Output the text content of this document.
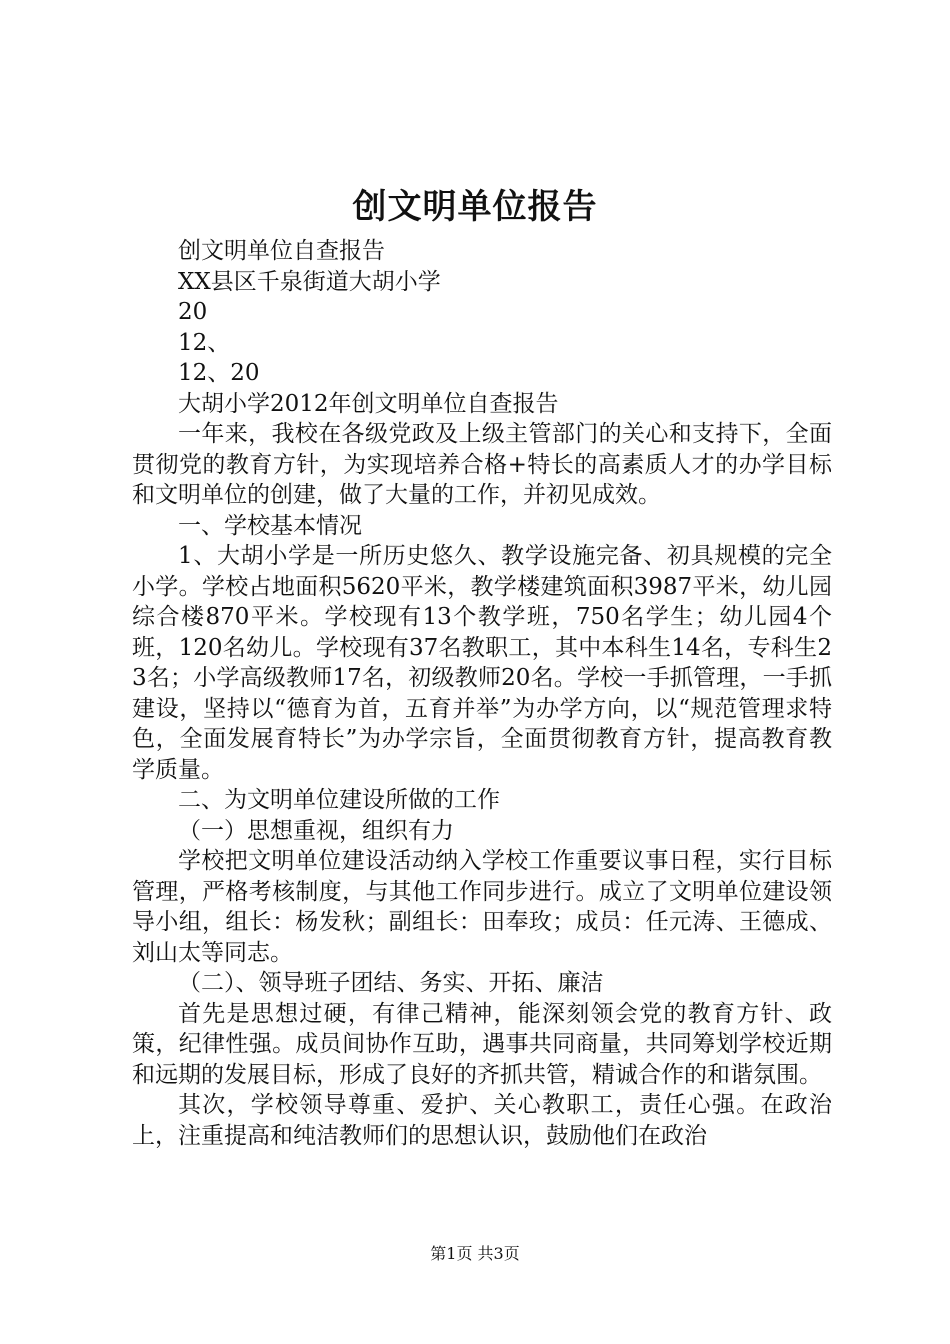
创文明单位报告

创文明单位自查报告

XX县区千泉街道大胡小学

20

12、

12、20

大胡小学2012年创文明单位自查报告

一年来，我校在各级党政及上级主管部门的关心和支持下，全面贯彻党的教育方针，为实现培养合格+特长的高素质人才的办学目标和文明单位的创建，做了大量的工作，并初见成效。

一、学校基本情况

1、大胡小学是一所历史悠久、教学设施完备、初具规模的完全小学。学校占地面积5620平米，教学楼建筑面积3987平米，幼儿园综合楼870平米。学校现有13个教学班，750名学生；幼儿园4个班，120名幼儿。学校现有37名教职工，其中本科生14名，专科生23名；小学高级教师17名，初级教师20名。学校一手抓管理，一手抓建设，坚持以“德育为首，五育并举”为办学方向，以“规范管理求特色，全面发展育特长”为办学宗旨，全面贯彻教育方针，提高教育教学质量。

二、为文明单位建设所做的工作

（一）思想重视，组织有力

学校把文明单位建设活动纳入学校工作重要议事日程，实行目标管理，严格考核制度，与其他工作同步进行。成立了文明单位建设领导小组，组长：杨发秋；副组长：田奉玫；成员：任元涛、王德成、刘山太等同志。

（二）、领导班子团结、务实、开拓、廉洁

首先是思想过硬，有律己精神，能深刻领会党的教育方针、政策，纪律性强。成员间协作互助，遇事共同商量，共同筹划学校近期和远期的发展目标，形成了良好的齐抓共管，精诚合作的和谐氛围。

其次，学校领导尊重、爱护、关心教职工，责任心强。在政治上，注重提高和纯洁教师们的思想认识，鼓励他们在政治

第1页 共3页
